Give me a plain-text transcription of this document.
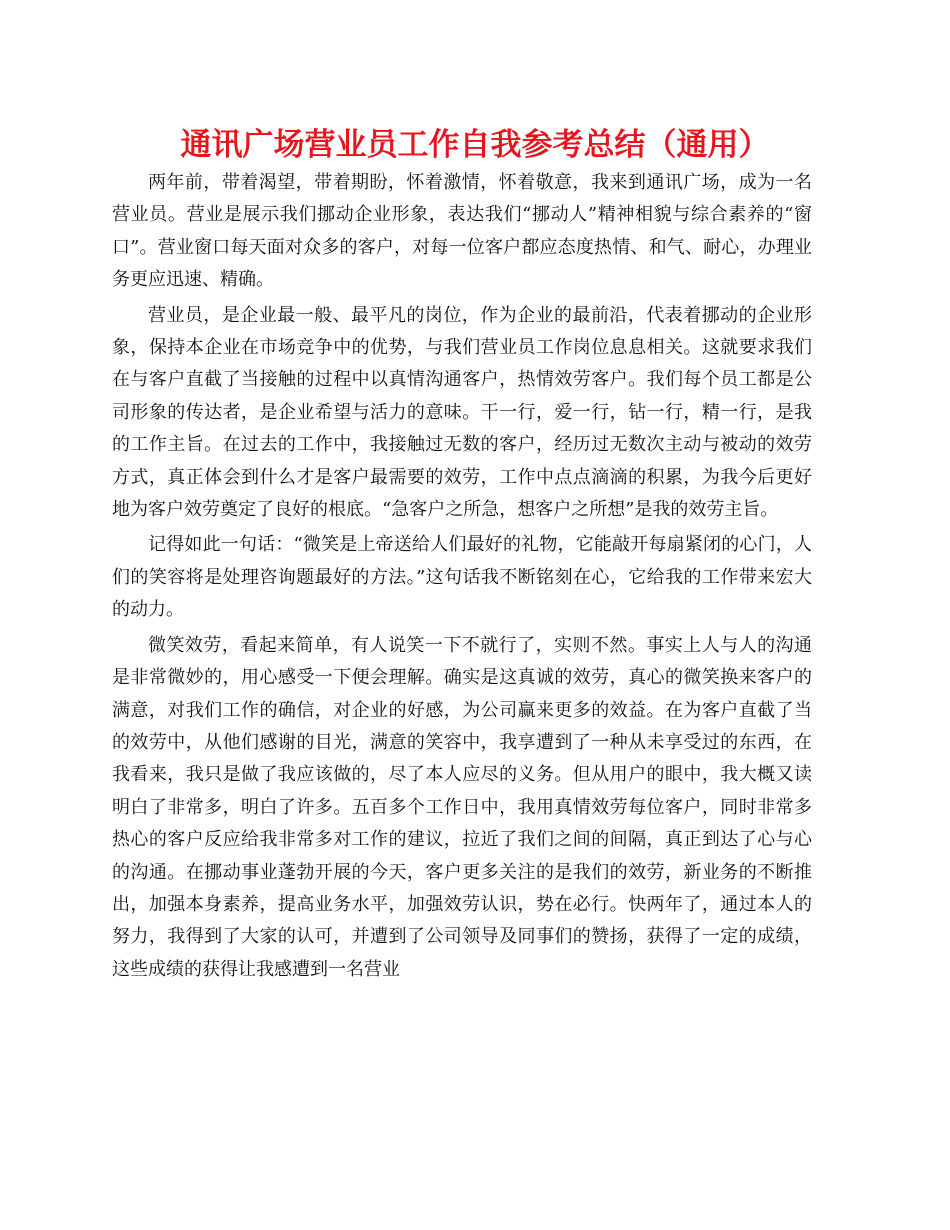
通讯广场营业员工作自我参考总结（通用）

两年前，带着渴望，带着期盼，怀着激情，怀着敬意，我来到通讯广场，成为一名营业员。营业是展示我们挪动企业形象，表达我们“挪动人”精神相貌与综合素养的“窗口”。营业窗口每天面对众多的客户，对每一位客户都应态度热情、和气、耐心，办理业务更应迅速、精确。

营业员，是企业最一般、最平凡的岗位，作为企业的最前沿，代表着挪动的企业形象，保持本企业在市场竞争中的优势，与我们营业员工作岗位息息相关。这就要求我们在与客户直截了当接触的过程中以真情沟通客户，热情效劳客户。我们每个员工都是公司形象的传达者，是企业希望与活力的意味。干一行，爱一行，钻一行，精一行，是我的工作主旨。在过去的工作中，我接触过无数的客户，经历过无数次主动与被动的效劳方式，真正体会到什么才是客户最需要的效劳，工作中点点滴滴的积累，为我今后更好地为客户效劳奠定了良好的根底。“急客户之所急，想客户之所想”是我的效劳主旨。

记得如此一句话：“微笑是上帝送给人们最好的礼物，它能敲开每扇紧闭的心门，人们的笑容将是处理咨询题最好的方法。”这句话我不断铭刻在心，它给我的工作带来宏大的动力。

微笑效劳，看起来简单，有人说笑一下不就行了，实则不然。事实上人与人的沟通是非常微妙的，用心感受一下便会理解。确实是这真诚的效劳，真心的微笑换来客户的满意，对我们工作的确信，对企业的好感，为公司赢来更多的效益。在为客户直截了当的效劳中，从他们感谢的目光，满意的笑容中，我享遭到了一种从未享受过的东西，在我看来，我只是做了我应该做的，尽了本人应尽的义务。但从用户的眼中，我大概又读明白了非常多，明白了许多。五百多个工作日中，我用真情效劳每位客户，同时非常多热心的客户反应给我非常多对工作的建议，拉近了我们之间的间隔，真正到达了心与心的沟通。在挪动事业蓬勃开展的今天，客户更多关注的是我们的效劳，新业务的不断推出，加强本身素养，提高业务水平，加强效劳认识，势在必行。快两年了，通过本人的努力，我得到了大家的认可，并遭到了公司领导及同事们的赞扬，获得了一定的成绩，这些成绩的获得让我感遭到一名营业
